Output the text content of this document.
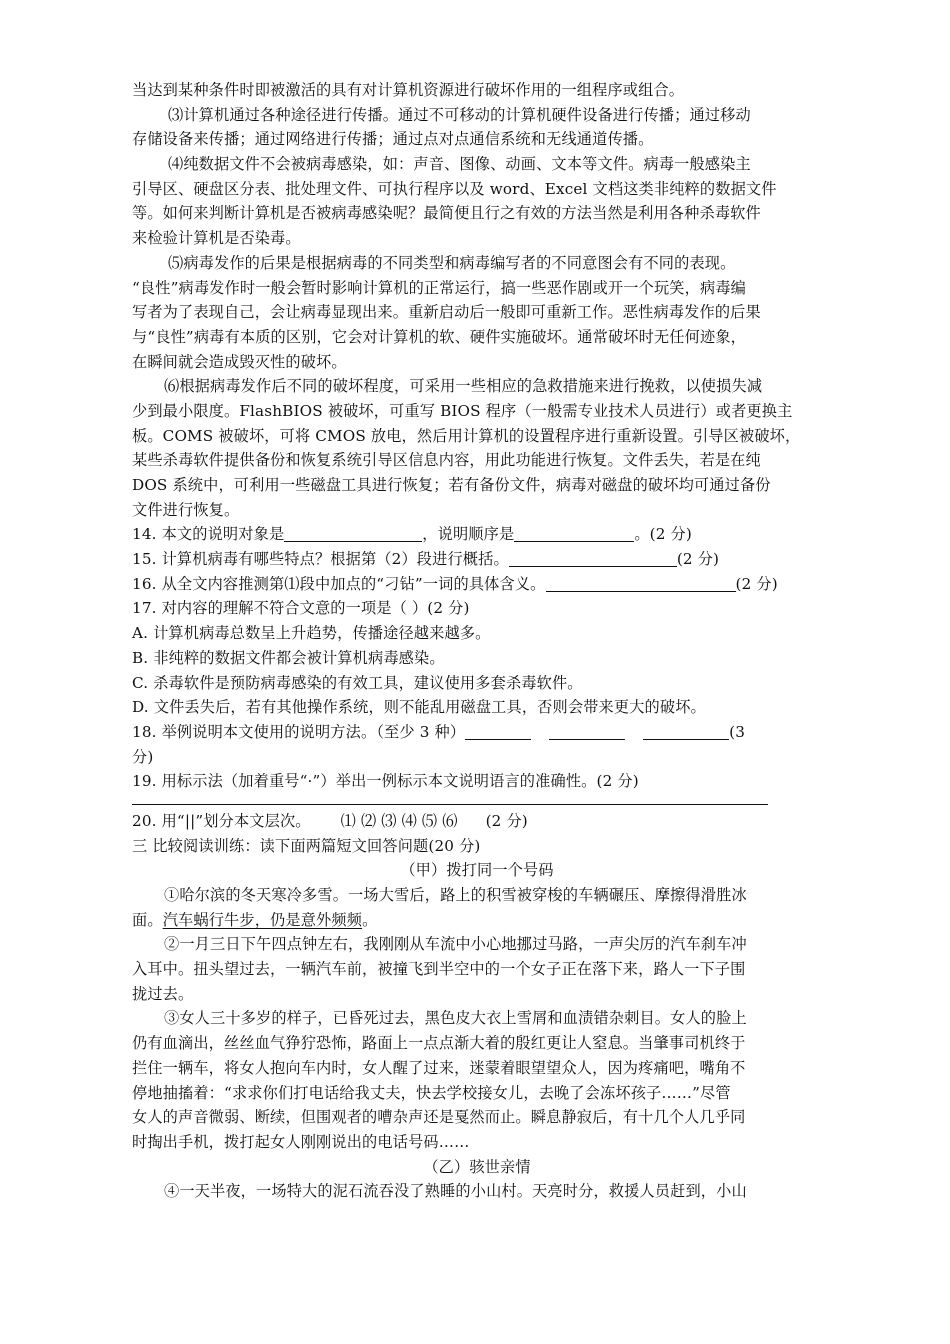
当达到某种条件时即被激活的具有对计算机资源进行破坏作用的一组程序或组合。
⑶计算机通过各种途径进行传播。通过不可移动的计算机硬件设备进行传播；通过移动
存储设备来传播；通过网络进行传播；通过点对点通信系统和无线通道传播。
⑷纯数据文件不会被病毒感染，如：声音、图像、动画、文本等文件。病毒一般感染主
引导区、硬盘区分表、批处理文件、可执行程序以及 word、Excel 文档这类非纯粹的数据文件
等。如何来判断计算机是否被病毒感染呢？最简便且行之有效的方法当然是利用各种杀毒软件
来检验计算机是否染毒。
⑸病毒发作的后果是根据病毒的不同类型和病毒编写者的不同意图会有不同的表现。
“良性”病毒发作时一般会暂时影响计算机的正常运行，搞一些恶作剧或开一个玩笑，病毒编
写者为了表现自己，会让病毒显现出来。重新启动后一般即可重新工作。恶性病毒发作的后果
与“良性”病毒有本质的区别，它会对计算机的软、硬件实施破坏。通常破坏时无任何迹象，
在瞬间就会造成毁灭性的破坏。
⑹根据病毒发作后不同的破坏程度，可采用一些相应的急救措施来进行挽救，以使损失减
少到最小限度。FlashBIOS 被破坏，可重写 BIOS 程序（一般需专业技术人员进行）或者更换主
板。COMS 被破坏，可将 CMOS 放电，然后用计算机的设置程序进行重新设置。引导区被破坏，
某些杀毒软件提供备份和恢复系统引导区信息内容，用此功能进行恢复。文件丢失，若是在纯
DOS 系统中，可利用一些磁盘工具进行恢复；若有备份文件，病毒对磁盘的破坏均可通过备份
文件进行恢复。
14. 本文的说明对象是	，说明顺序是	。(2 分)
15. 计算机病毒有哪些特点？根据第（2）段进行概括。	(2 分)
16. 从全文内容推测第⑴段中加点的“刁钻”一词的具体含义。	(2 分)
17. 对内容的理解不符合文意的一项是（ ）(2 分)
A. 计算机病毒总数呈上升趋势，传播途径越来越多。
B. 非纯粹的数据文件都会被计算机病毒感染。
C. 杀毒软件是预防病毒感染的有效工具，建议使用多套杀毒软件。
D. 文件丢失后，若有其他操作系统，则不能乱用磁盘工具，否则会带来更大的破坏。
18. 举例说明本文使用的说明方法。（至少 3 种）	(3
分)
19. 用标示法（加着重号“·”）举出一例标示本文说明语言的准确性。(2 分)
20. 用“||”划分本文层次。 ⑴ ⑵ ⑶ ⑷ ⑸ ⑹ (2 分)
三 比较阅读训练：读下面两篇短文回答问题(20 分)
（甲）拨打同一个号码
①哈尔滨的冬天寒冷多雪。一场大雪后，路上的积雪被穿梭的车辆碾压、摩擦得滑胜冰
面。汽车蜗行牛步，仍是意外频频。
②一月三日下午四点钟左右，我刚刚从车流中小心地挪过马路，一声尖厉的汽车刹车冲
入耳中。扭头望过去，一辆汽车前，被撞飞到半空中的一个女子正在落下来，路人一下子围
拢过去。
③女人三十多岁的样子，已昏死过去，黑色皮大衣上雪屑和血渍错杂刺目。女人的脸上
仍有血滴出，丝丝血气狰狞恐怖，路面上一点点渐大着的殷红更让人窒息。当肇事司机终于
拦住一辆车，将女人抱向车内时，女人醒了过来，迷蒙着眼望望众人，因为疼痛吧，嘴角不
停地抽搐着：“求求你们打电话给我丈夫，快去学校接女儿，去晚了会冻坏孩子……”尽管
女人的声音微弱、断续，但围观者的嘈杂声还是戛然而止。瞬息静寂后，有十几个人几乎同
时掏出手机，拨打起女人刚刚说出的电话号码……
（乙）骇世亲情
④一天半夜，一场特大的泥石流吞没了熟睡的小山村。天亮时分，救援人员赶到，小山
